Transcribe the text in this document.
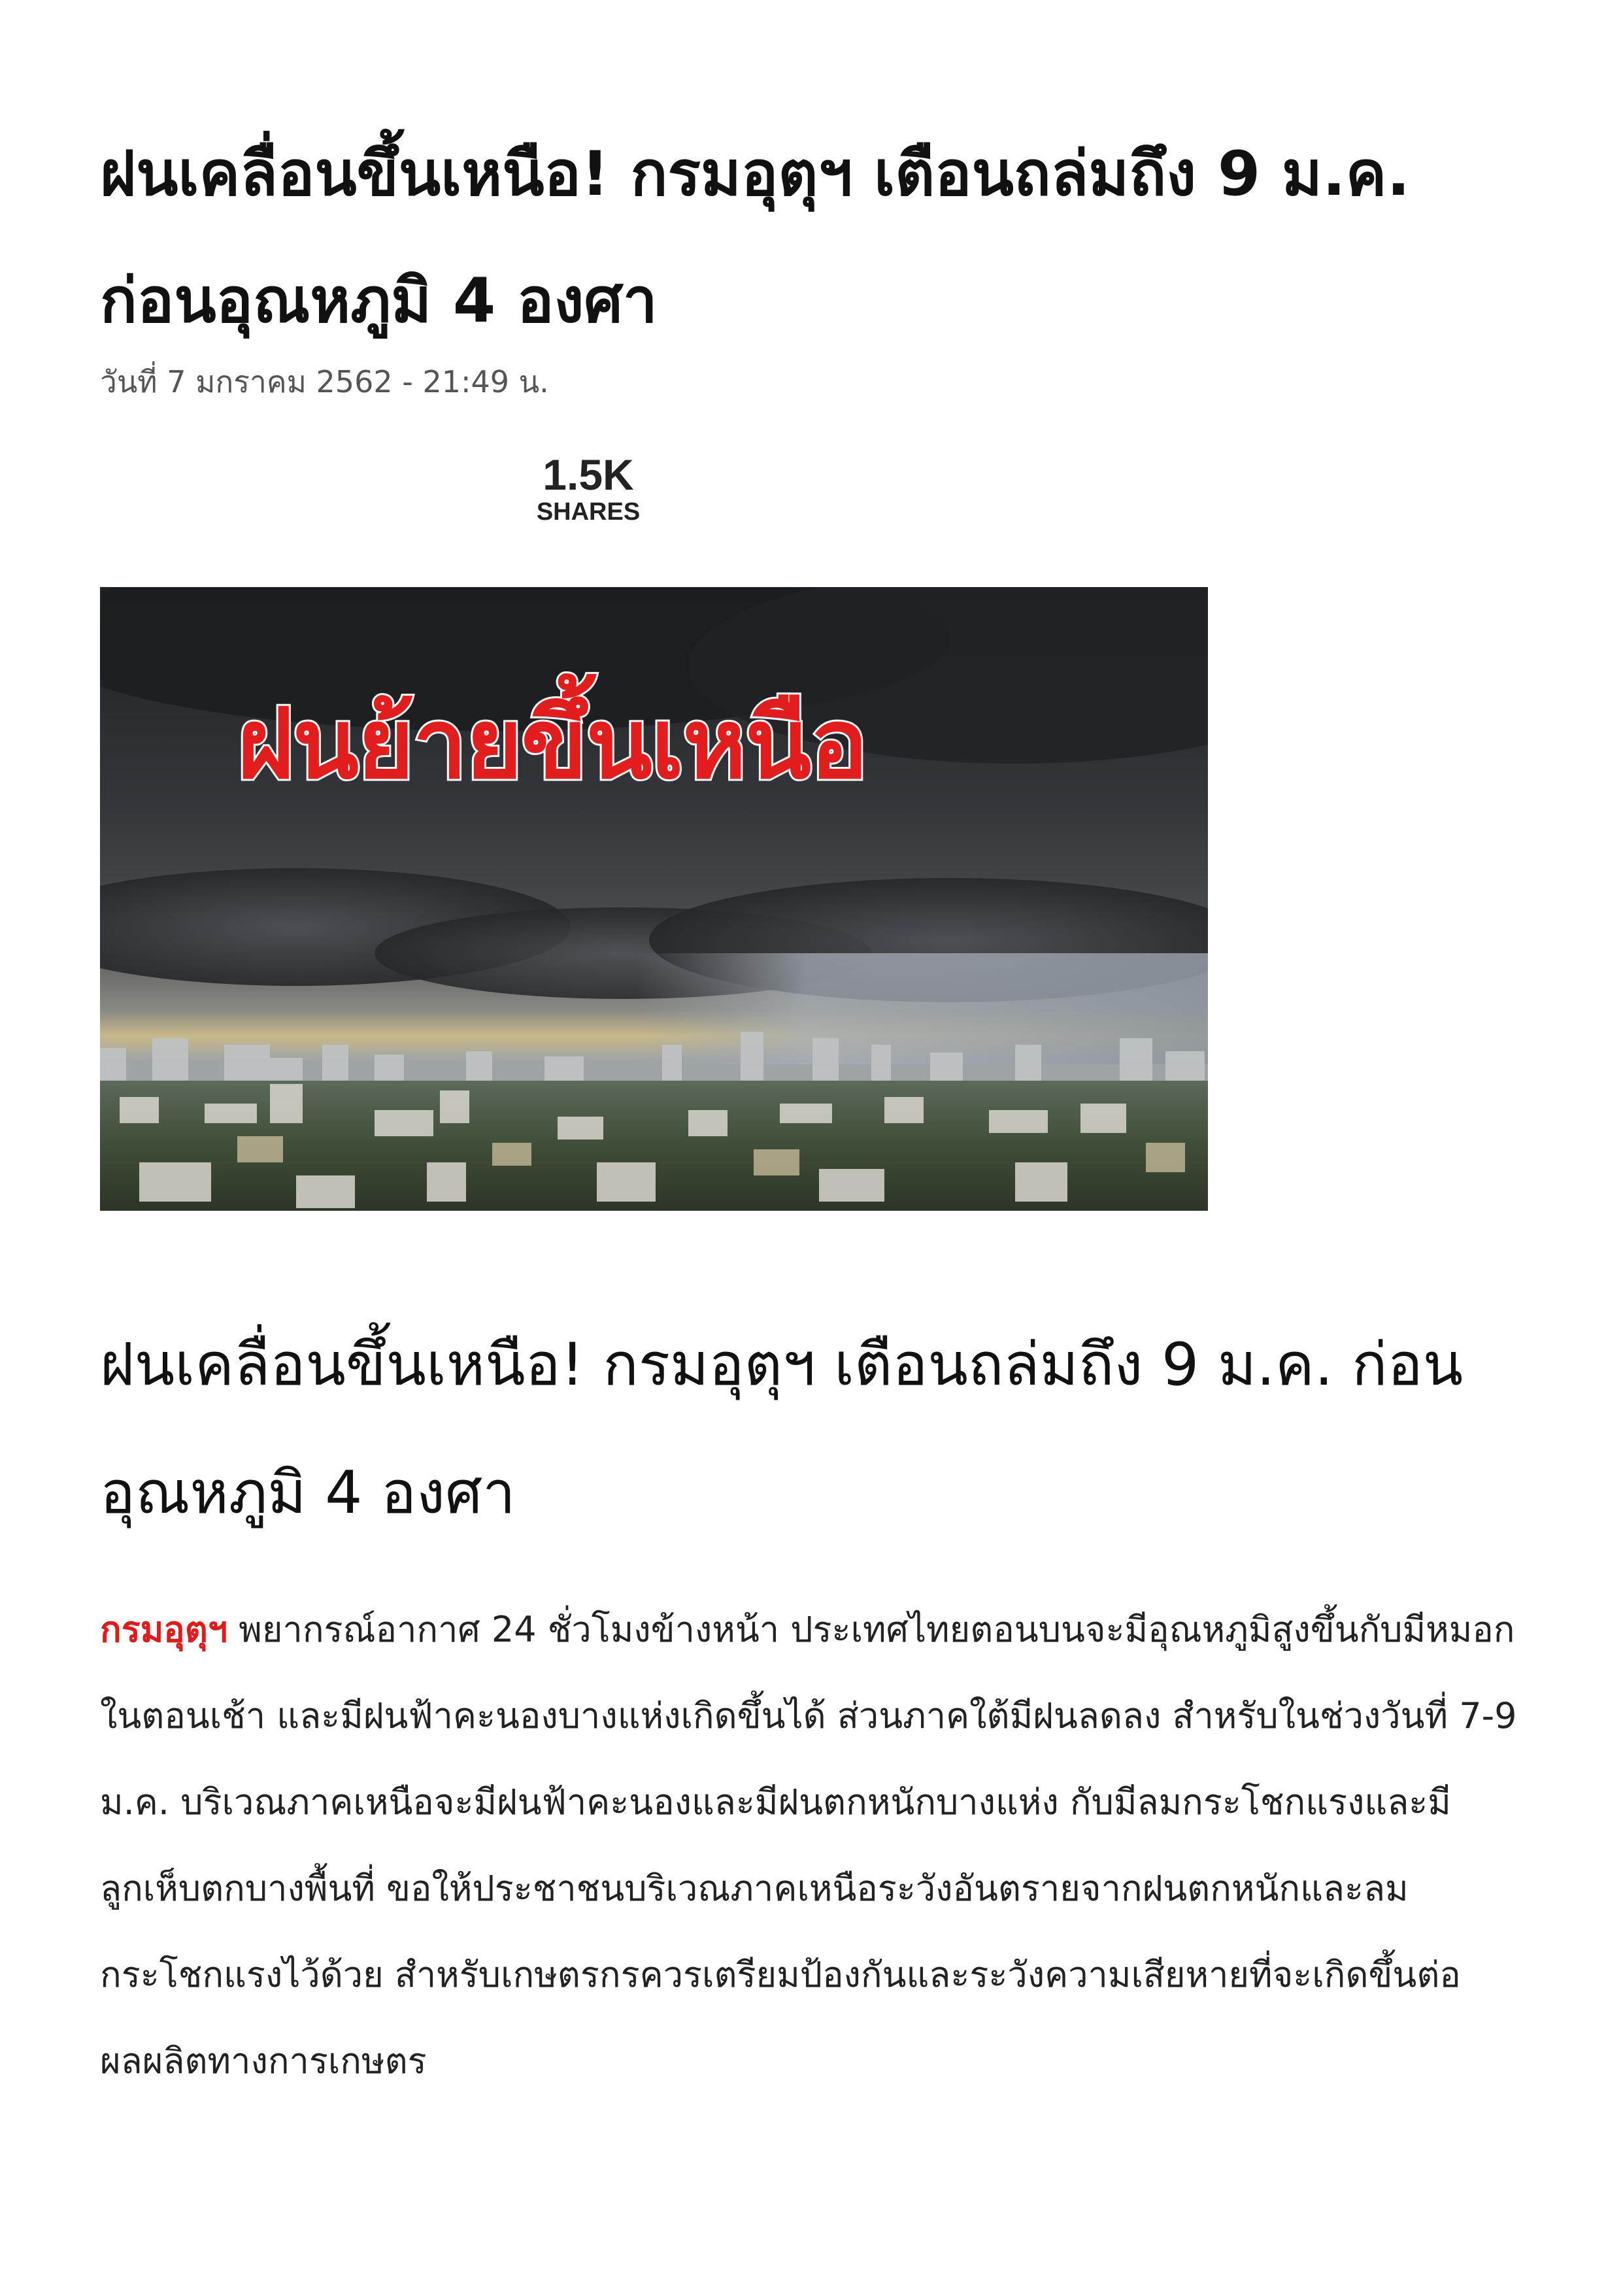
ฝนเคลื่อนขึ้นเหนือ! กรมอุตุฯ เตือนถล่มถึง 9 ม.ค. ก่อนอุณหภูมิ 4 องศา
วันที่ 7 มกราคม 2562 - 21:49 น.
1.5K
SHARES
ฝนย้ายขึ้นเหนือ
ฝนเคลื่อนขึ้นเหนือ! กรมอุตุฯ เตือนถล่มถึง 9 ม.ค. ก่อนอุณหภูมิ 4 องศา

กรมอุตุฯ พยากรณ์อากาศ 24 ชั่วโมงข้างหน้า ประเทศไทยตอนบนจะมีอุณหภูมิสูงขึ้นกับมีหมอกในตอนเช้า และมีฝนฟ้าคะนองบางแห่งเกิดขึ้นได้ ส่วนภาคใต้มีฝนลดลง สำหรับในช่วงวันที่ 7-9 ม.ค. บริเวณภาคเหนือจะมีฝนฟ้าคะนองและมีฝนตกหนักบางแห่ง กับมีลมกระโชกแรงและมีลูกเห็บตกบางพื้นที่ ขอให้ประชาชนบริเวณภาคเหนือระวังอันตรายจากฝนตกหนักและลมกระโชกแรงไว้ด้วย สำหรับเกษตรกรควรเตรียมป้องกันและระวังความเสียหายที่จะเกิดขึ้นต่อผลผลิตทางการเกษตร
